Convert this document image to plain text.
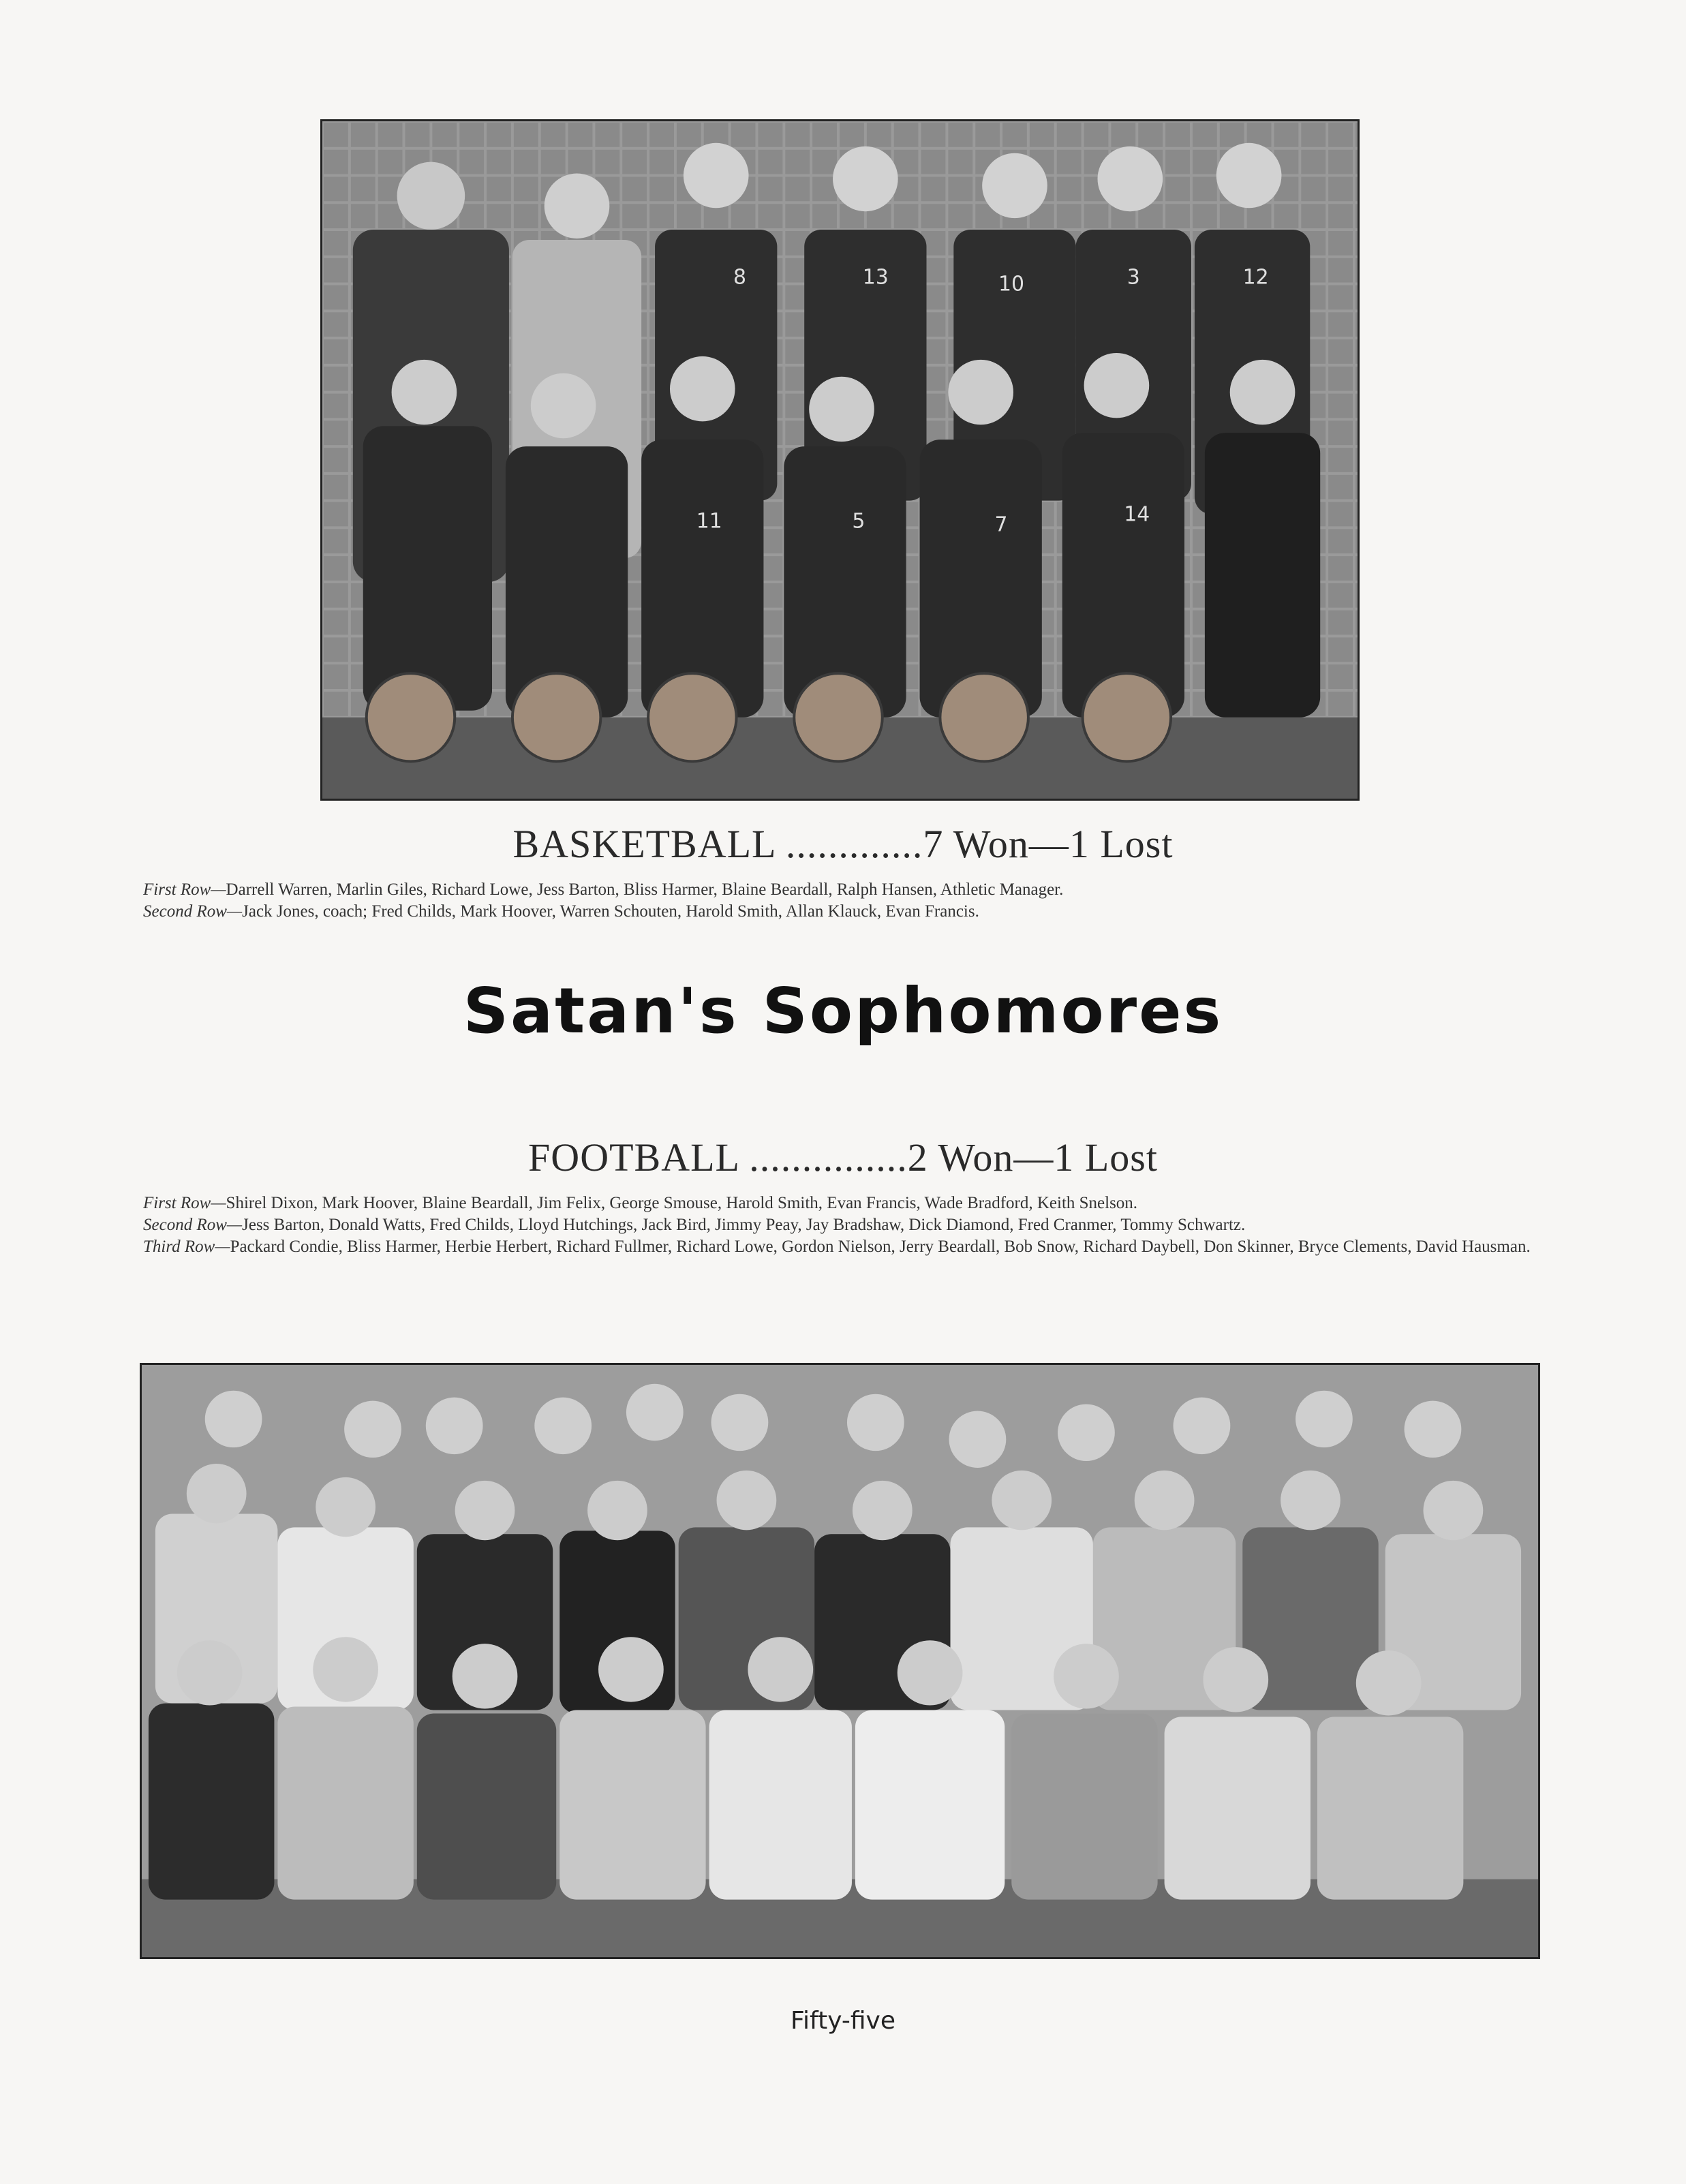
8	13	10	3	12
11	5	7	14
BASKETBALL .............7 Won—1 Lost

First Row—Darrell Warren, Marlin Giles, Richard Lowe, Jess Barton, Bliss Harmer, Blaine Beardall, Ralph Hansen, Athletic Manager.

Second Row—Jack Jones, coach; Fred Childs, Mark Hoover, Warren Schouten, Harold Smith, Allan Klauck, Evan Francis.

Satan's Sophomores
FOOTBALL ...............2 Won—1 Lost

First Row—Shirel Dixon, Mark Hoover, Blaine Beardall, Jim Felix, George Smouse, Harold Smith, Evan Francis, Wade Bradford, Keith Snelson.

Second Row—Jess Barton, Donald Watts, Fred Childs, Lloyd Hutchings, Jack Bird, Jimmy Peay, Jay Bradshaw, Dick Diamond, Fred Cranmer, Tommy Schwartz.

Third Row—Packard Condie, Bliss Harmer, Herbie Herbert, Richard Fullmer, Richard Lowe, Gordon Nielson, Jerry Beardall, Bob Snow, Richard Daybell, Don Skinner, Bryce Clements, David Hausman.

Fifty-five
